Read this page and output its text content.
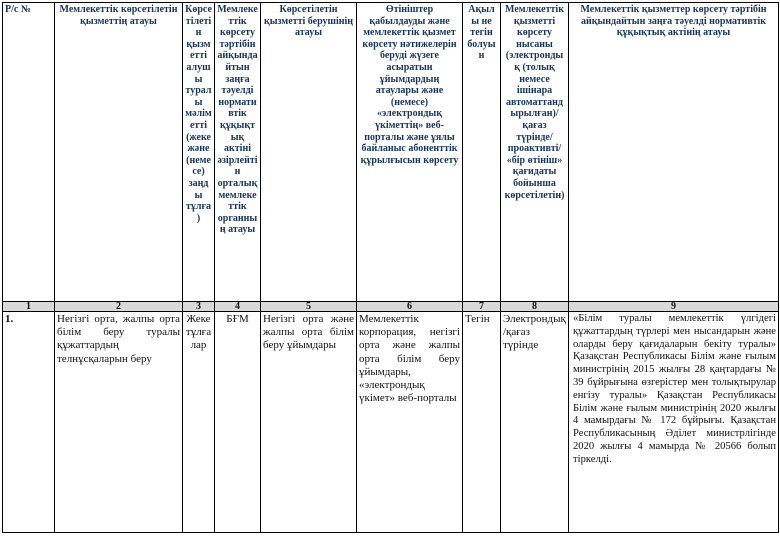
Р/с №	Мемлекеттік көрсетілетін қызметтің атауы	Көрсетілетін қызметті алушы туралы мәліметті (жеке және (немесе) заңды тұлға)	Мемлекеттік көрсету тәртібін айқындайтын заңға тәуелді нормативтік құқықтық актіні әзірлейтін орталық мемлекеттік органның атауы	Көрсетілетін қызметті берушінің атауы	Өтініштер қабылдауды және мемлекеттік қызмет көрсету нәтижелерін беруді жүзеге асыратын ұйымдардың атаулары және (немесе) «электрондық үкіметтің» веб-порталы және ұялы байланыс абоненттік құрылғысын көрсету	Ақылы не тегін болуы н	Мемлекеттік қызметті көрсету нысаны (электрондық (толық немесе ішінара автоматтандырылған)/ қағаз түрінде/ проактивті/ «бір өтініш» қағидаты бойынша көрсетілетін)	Мемлекеттік қызметтер көрсету тәртібін айқындайтын заңға тәуелді нормативтік құқықтық актінің атауы
1	2	3	4	5	6	7	8	9
1.	Негізгі орта, жалпы орта білім беру туралы құжаттардың телнұсқаларын беру	Жеке тұлғалар	БҒМ	Негізгі орта және жалпы орта білім беру ұйымдары	Мемлекеттік корпорация, негізгі орта және жалпы орта білім беру ұйымдары, «электрондық үкімет» веб-порталы	Тегін	Электрондық/қағаз түрінде	«Білім туралы мемлекеттік үлгідегі құжаттардың түрлері мен нысандарын және оларды беру қағидаларын бекіту туралы» Қазақстан Республикасы Білім және ғылым министрінің 2015 жылғы 28 қаңтардағы № 39 бұйрығына өзгерістер мен толықтырулар енгізу туралы» Қазақстан Республикасы Білім және ғылым министрінің 2020 жылғы 4 мамырдағы № 172 бұйрығы. Қазақстан Республикасының Әділет министрлігінде 2020 жылғы 4 мамырда № 20566 болып тіркелді.
